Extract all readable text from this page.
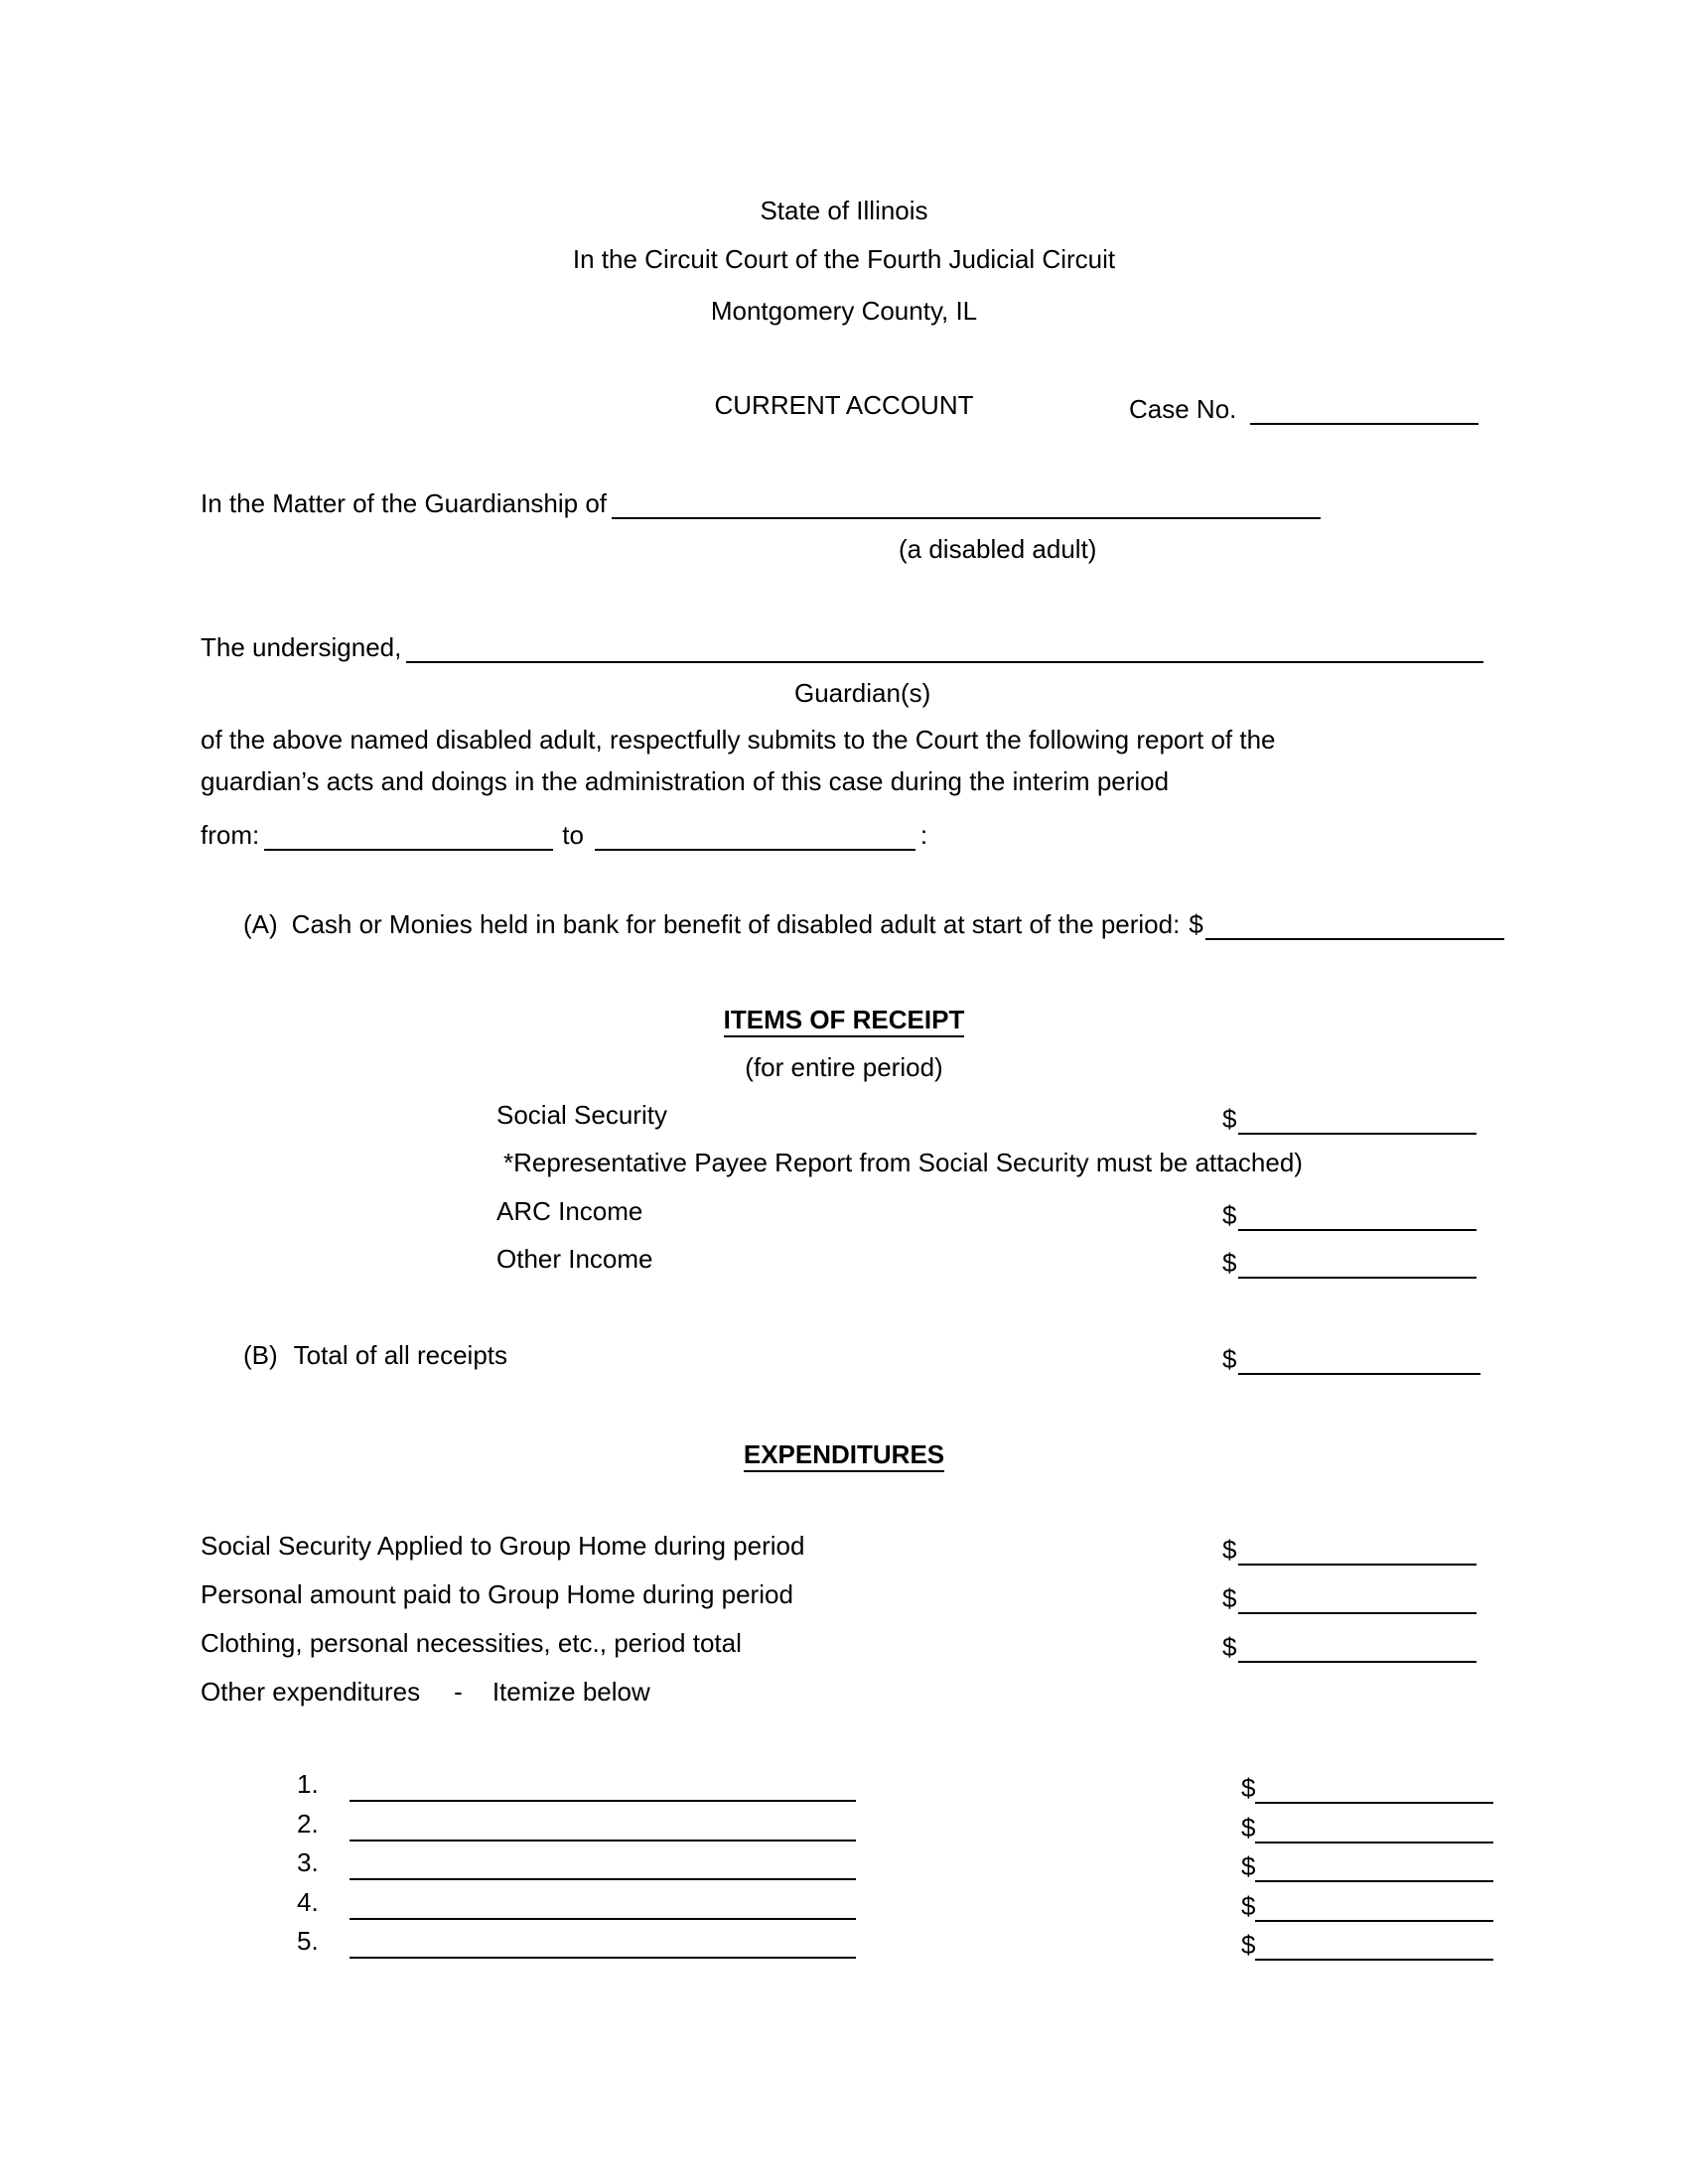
State of Illinois
In the Circuit Court of the Fourth Judicial Circuit
Montgomery County, IL
CURRENT ACCOUNT	Case No.
In the Matter of the Guardianship of
(a disabled adult)
The undersigned,
Guardian(s)
of the above named disabled adult, respectfully submits to the Court the following report of the
guardian’s acts and doings in the administration of this case during the interim period
from:	to	:
(A) Cash or Monies held in bank for benefit of disabled adult at start of the period: $
ITEMS OF RECEIPT
(for entire period)
Social Security	$
*Representative Payee Report from Social Security must be attached)
ARC Income	$
Other Income	$
(B) Total of all receipts	$
EXPENDITURES
Social Security Applied to Group Home during period	$
Personal amount paid to Group Home during period	$
Clothing, personal necessities, etc., period total	$
Other expenditures - Itemize below
1.	$
2.	$
3.	$
4.	$
5.	$
